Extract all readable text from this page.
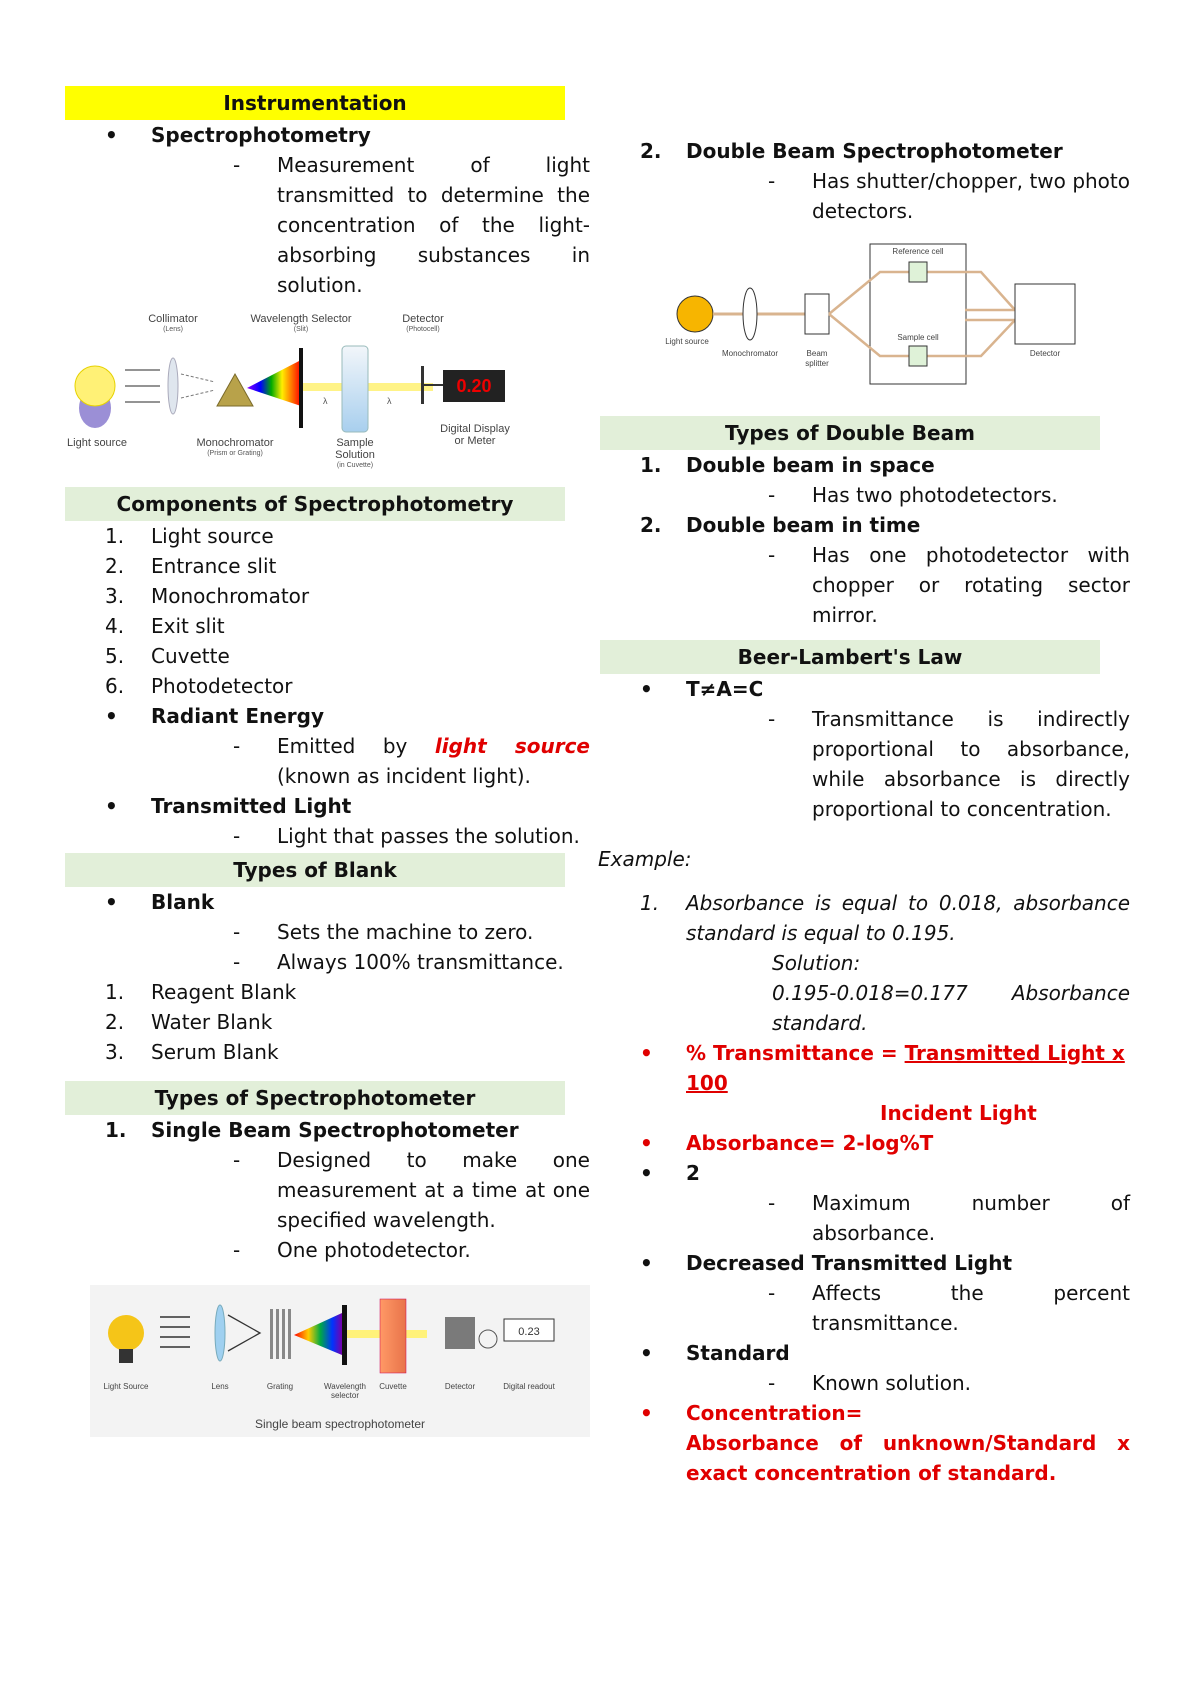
Instrumentation
• Spectrophotometry
- Measurement of light transmitted to determine the concentration of the light-absorbing substances in solution.
0.20
Collimator
(Lens)
Wavelength Selector
(Slit)
Detector
(Photocell)
λ	λ
Light source	Monochromator
(Prism or Grating)
Sample
Solution
(in Cuvette)
Digital Display
or Meter
Components of Spectrophotometry
1. Light source
2. Entrance slit
3. Monochromator
4. Exit slit
5. Cuvette
6. Photodetector
• Radiant Energy
- Emitted by light source (known as incident light).
• Transmitted Light
- Light that passes the solution.
Types of Blank
• Blank
- Sets the machine to zero.
- Always 100% transmittance.
1. Reagent Blank
2. Water Blank
3. Serum Blank
Types of Spectrophotometer
1. Single Beam Spectrophotometer
- Designed to make one measurement at a time at one specified wavelength.
- One photodetector.
0.23
Light Source	Lens	Grating	Wavelength Cuvette	Detector	Digital readout
selector
Single beam spectrophotometer
2. Double Beam Spectrophotometer
- Has shutter/chopper, two photo detectors.
Reference cell
Sample cell
Light source
Monochromator	Beam
splitter
Detector
Types of Double Beam
1. Double beam in space
- Has two photodetectors.
2. Double beam in time
- Has one photodetector with chopper or rotating sector mirror.
Beer-Lambert's Law
• T≠A=C
- Transmittance is indirectly proportional to absorbance, while absorbance is directly proportional to concentration.
Example:
1. Absorbance is equal to 0.018, absorbance standard is equal to 0.195.
Solution:
0.195-0.018=0.177 Absorbance
standard.
• % Transmittance = Transmitted Light x 100
Incident Light
• Absorbance= 2-log%T
• 2
- Maximum number of absorbance.
• Decreased Transmitted Light
- Affects the percent transmittance.
• Standard
- Known solution.
• Concentration=
Absorbance of unknown/Standard x exact concentration of standard.
